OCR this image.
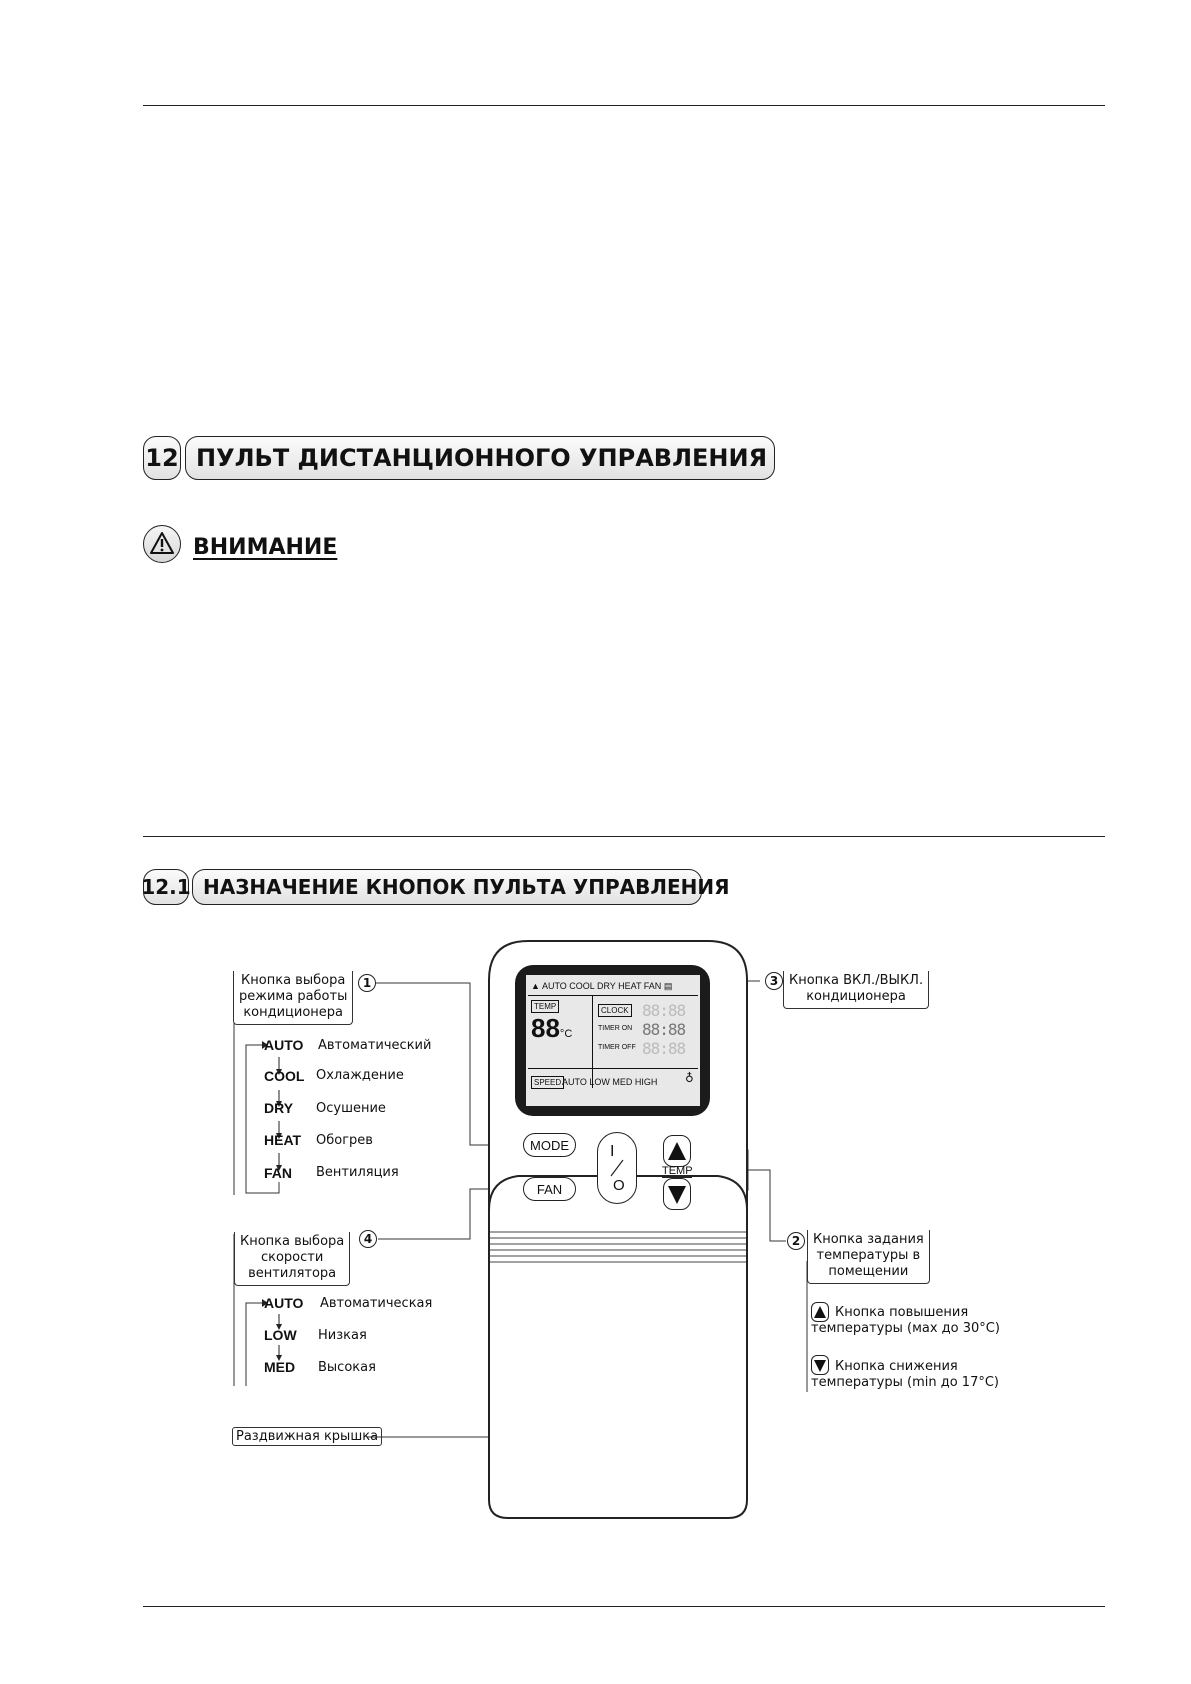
12 ПУЛЬТ ДИСТАНЦИОННОГО УПРАВЛЕНИЯ
ВНИМАНИЕ
12.1 НАЗНАЧЕНИЕ КНОПОК ПУЛЬТА УПРАВЛЕНИЯ
▲ AUTO COOL DRY HEAT FAN ▤
TEMP
88°C
CLOCK 88:88
TIMER ON 88:88
TIMER OFF 88:88
SPEED AUTO LOW MED HIGH ♁
MODE
FAN
I
O
TEMP
Кнопка выбора
режима работы
кондиционера
1
AUTO Автоматический
COOL Охлаждение
DRY Осушение
HEAT Обогрев
FAN Вентиляция
Кнопка выбора
скорости
вентилятора
4
AUTO Автоматическая
LOW Низкая
MED Высокая
Раздвижная крышка
3 Кнопка ВКЛ./ВЫКЛ.
кондиционера
2 Кнопка задания
температуры в
помещении
Кнопка повышения
температуры (мах до 30°C)
Кнопка снижения
температуры (min до 17°C)
